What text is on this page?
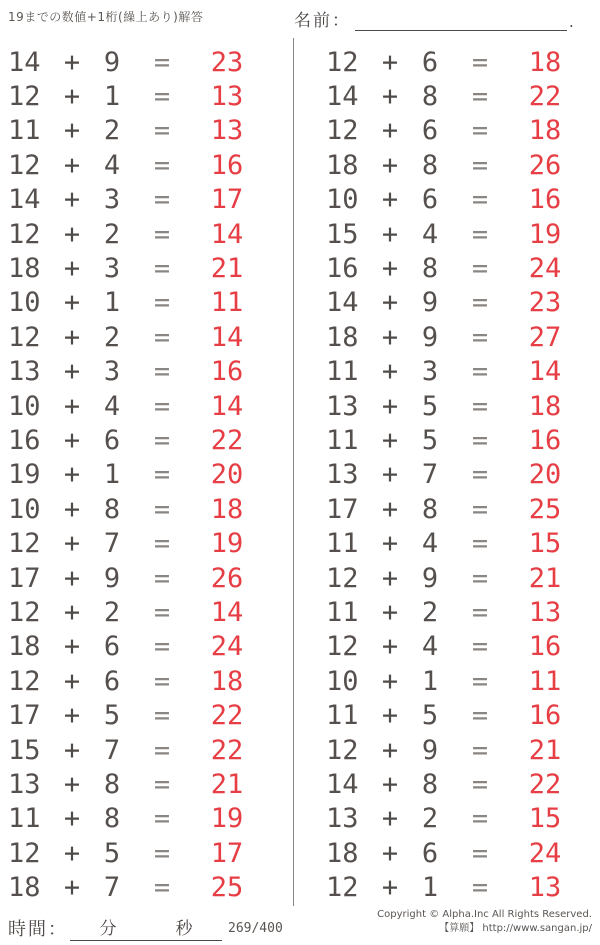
19までの数値+1桁(繰上あり)解答	名前：	.
14 + 9	=	23
12 + 1	=	13
11 + 2	=	13
12 + 4	=	16
14 + 3	=	17
12 + 2	=	14
18 + 3	=	21
10 + 1	=	11
12 + 2	=	14
13 + 3	=	16
10 + 4	=	14
16 + 6	=	22
19 + 1	=	20
10 + 8	=	18
12 + 7	=	19
17 + 9	=	26
12 + 2	=	14
18 + 6	=	24
12 + 6	=	18
17 + 5	=	22
15 + 7	=	22
13 + 8	=	21
11 + 8	=	19
12 + 5	=	17
18 + 7	=	25
12 + 6	=	18
14 + 8	=	22
12 + 6	=	18
18 + 8	=	26
10 + 6	=	16
15 + 4	=	19
16 + 8	=	24
14 + 9	=	23
18 + 9	=	27
11 + 3	=	14
13 + 5	=	18
11 + 5	=	16
13 + 7	=	20
17 + 8	=	25
11 + 4	=	15
12 + 9	=	21
11 + 2	=	13
12 + 4	=	16
10 + 1	=	11
11 + 5	=	16
12 + 9	=	21
14 + 8	=	22
13 + 2	=	15
18 + 6	=	24
12 + 1	=	13
時間： 分	秒	269/400
Copyright © Alpha.Inc All Rights Reserved.
【算願】 http://www.sangan.jp/
